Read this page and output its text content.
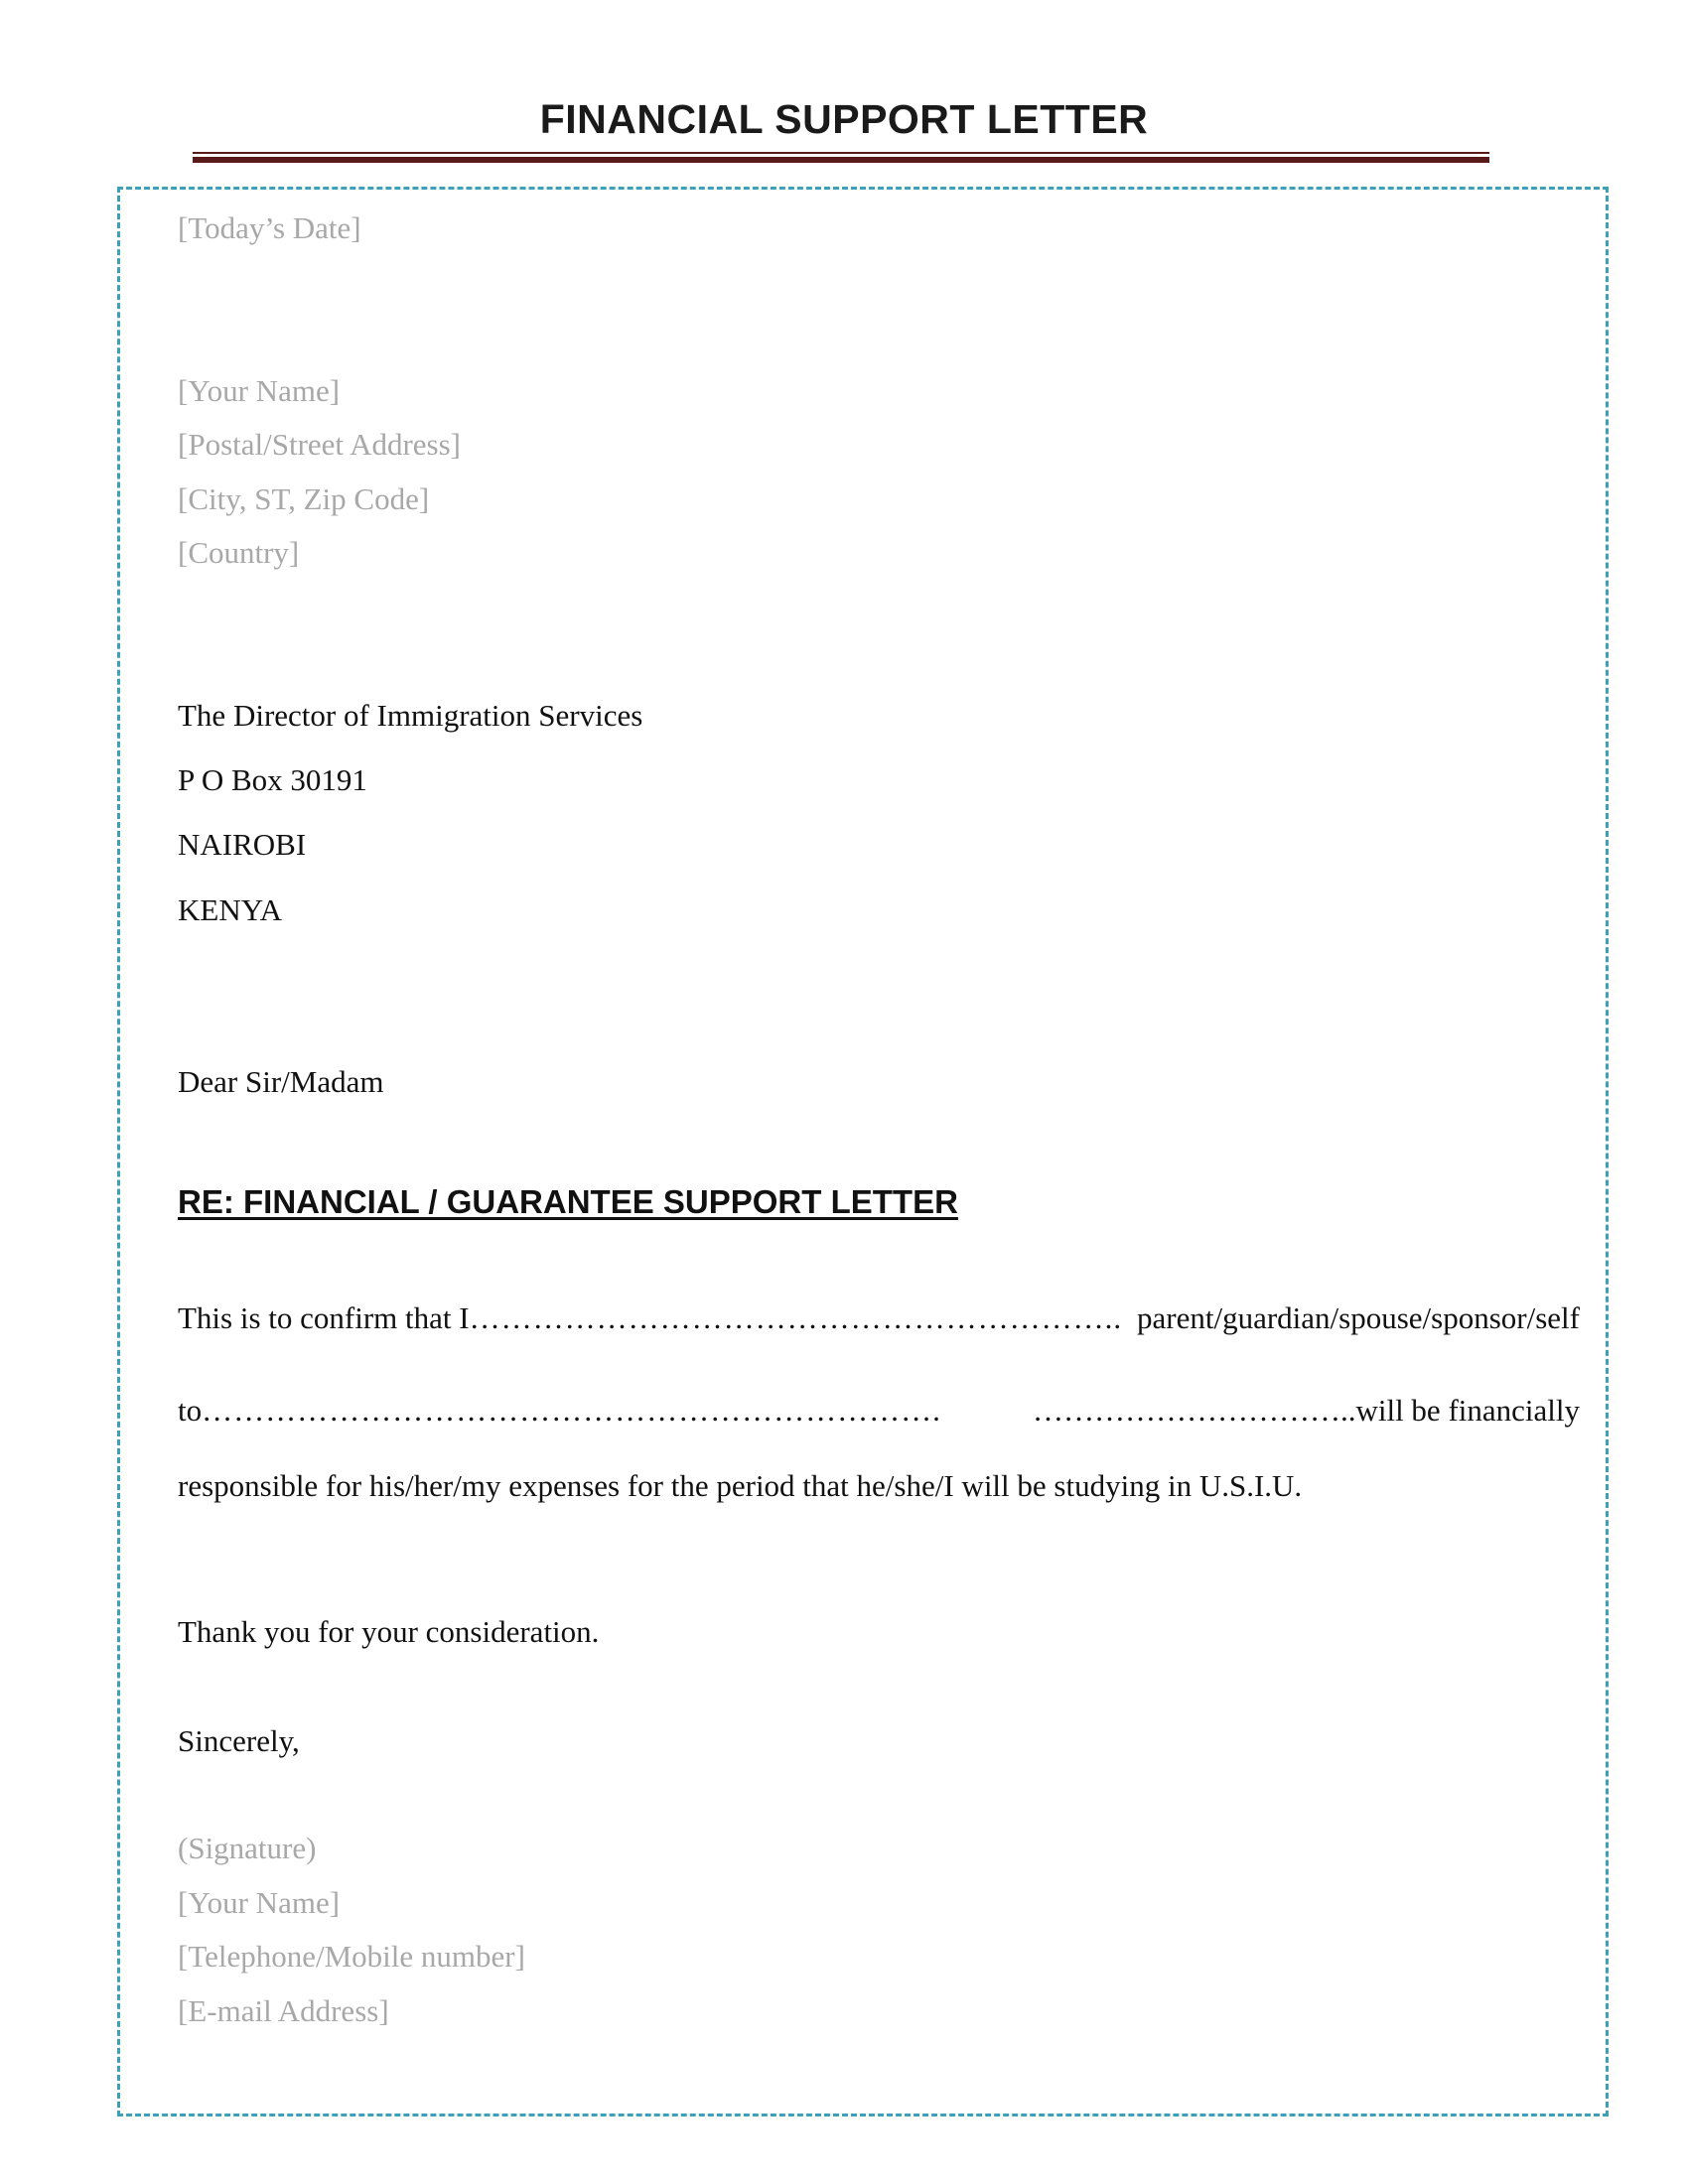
FINANCIAL SUPPORT LETTER

[Today’s Date]

[Your Name]

[Postal/Street Address]

[City, ST, Zip Code]

[Country]

The Director of Immigration Services

P O Box 30191

NAIROBI

KENYA

Dear Sir/Madam

RE: FINANCIAL / GUARANTEE SUPPORT LETTER

This is to confirm that I …………………………………………………….. parent/guardian/spouse/sponsor/self
to …………………………………………………………….	………………………….. will be financially

responsible for his/her/my expenses for the period that he/she/I will be studying in U.S.I.U.

Thank you for your consideration.

Sincerely,

(Signature)

[Your Name]

[Telephone/Mobile number]

[E-mail Address]
